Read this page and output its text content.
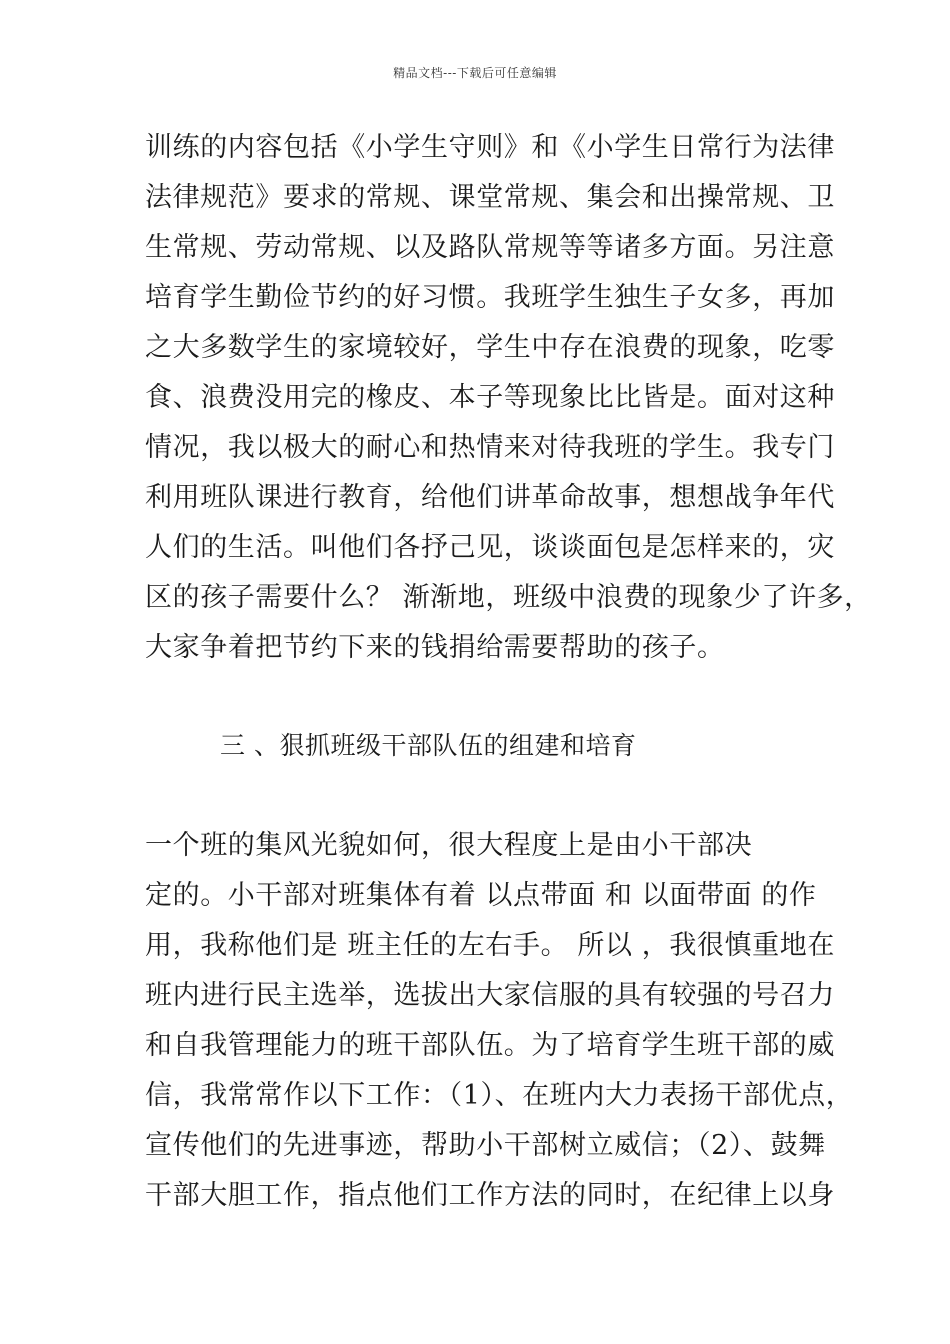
精品文档---下载后可任意编辑
训练的内容包括《小学生守则》和《小学生日常行为法律
法律规范》要求的常规、课堂常规、集会和出操常规、卫
生常规、劳动常规、以及路队常规等等诸多方面。另注意
培育学生勤俭节约的好习惯。我班学生独生子女多，再加
之大多数学生的家境较好，学生中存在浪费的现象，吃零
食、浪费没用完的橡皮、本子等现象比比皆是。面对这种
情况，我以极大的耐心和热情来对待我班的学生。我专门
利用班队课进行教育，给他们讲革命故事，想想战争年代
人们的生活。叫他们各抒己见，谈谈面包是怎样来的，灾
区的孩子需要什么？ 渐渐地，班级中浪费的现象少了许多，
大家争着把节约下来的钱捐给需要帮助的孩子。
三 、狠抓班级干部队伍的组建和培育
一个班的集风光貌如何，很大程度上是由小干部决
定的。小干部对班集体有着 以点带面 和 以面带面 的作
用，我称他们是 班主任的左右手。 所以 ，我很慎重地在
班内进行民主选举，选拔出大家信服的具有较强的号召力
和自我管理能力的班干部队伍。为了培育学生班干部的威
信，我常常作以下工作：（1）、在班内大力表扬干部优点，
宣传他们的先进事迹，帮助小干部树立威信；（2）、鼓舞
干部大胆工作，指点他们工作方法的同时，在纪律上以身
